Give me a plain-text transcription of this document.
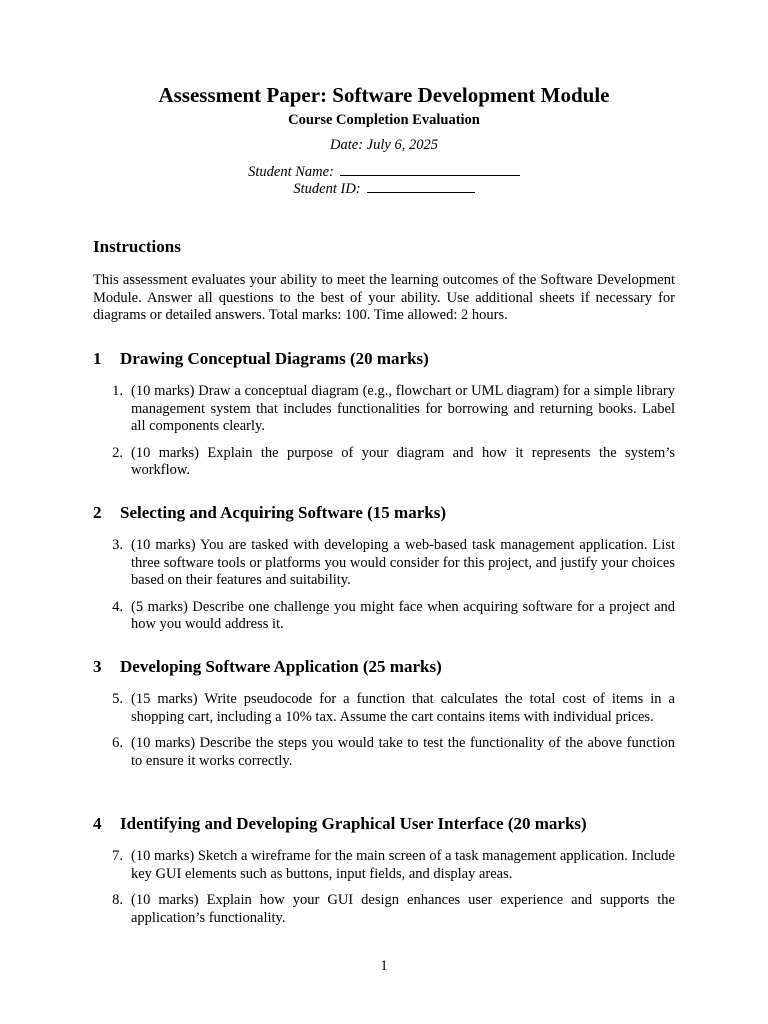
Assessment Paper: Software Development Module
Course Completion Evaluation
Date: July 6, 2025
Student Name:
Student ID:
Instructions

This assessment evaluates your ability to meet the learning outcomes of the Software Development Module. Answer all questions to the best of your ability. Use additional sheets if necessary for diagrams or detailed answers. Total marks: 100. Time allowed: 2 hours.

1 Drawing Conceptual Diagrams (20 marks)
1. (10 marks) Draw a conceptual diagram (e.g., flowchart or UML diagram) for a simple library management system that includes functionalities for borrowing and returning books. Label all components clearly.
2. (10 marks) Explain the purpose of your diagram and how it represents the system’s workflow.
2 Selecting and Acquiring Software (15 marks)
3. (10 marks) You are tasked with developing a web-based task management application. List three software tools or platforms you would consider for this project, and justify your choices based on their features and suitability.
4. (5 marks) Describe one challenge you might face when acquiring software for a project and how you would address it.
3 Developing Software Application (25 marks)
5. (15 marks) Write pseudocode for a function that calculates the total cost of items in a shopping cart, including a 10% tax. Assume the cart contains items with individual prices.
6. (10 marks) Describe the steps you would take to test the functionality of the above function to ensure it works correctly.
4 Identifying and Developing Graphical User Interface (20 marks)
7. (10 marks) Sketch a wireframe for the main screen of a task management application. Include key GUI elements such as buttons, input fields, and display areas.
8. (10 marks) Explain how your GUI design enhances user experience and supports the application’s functionality.
1
